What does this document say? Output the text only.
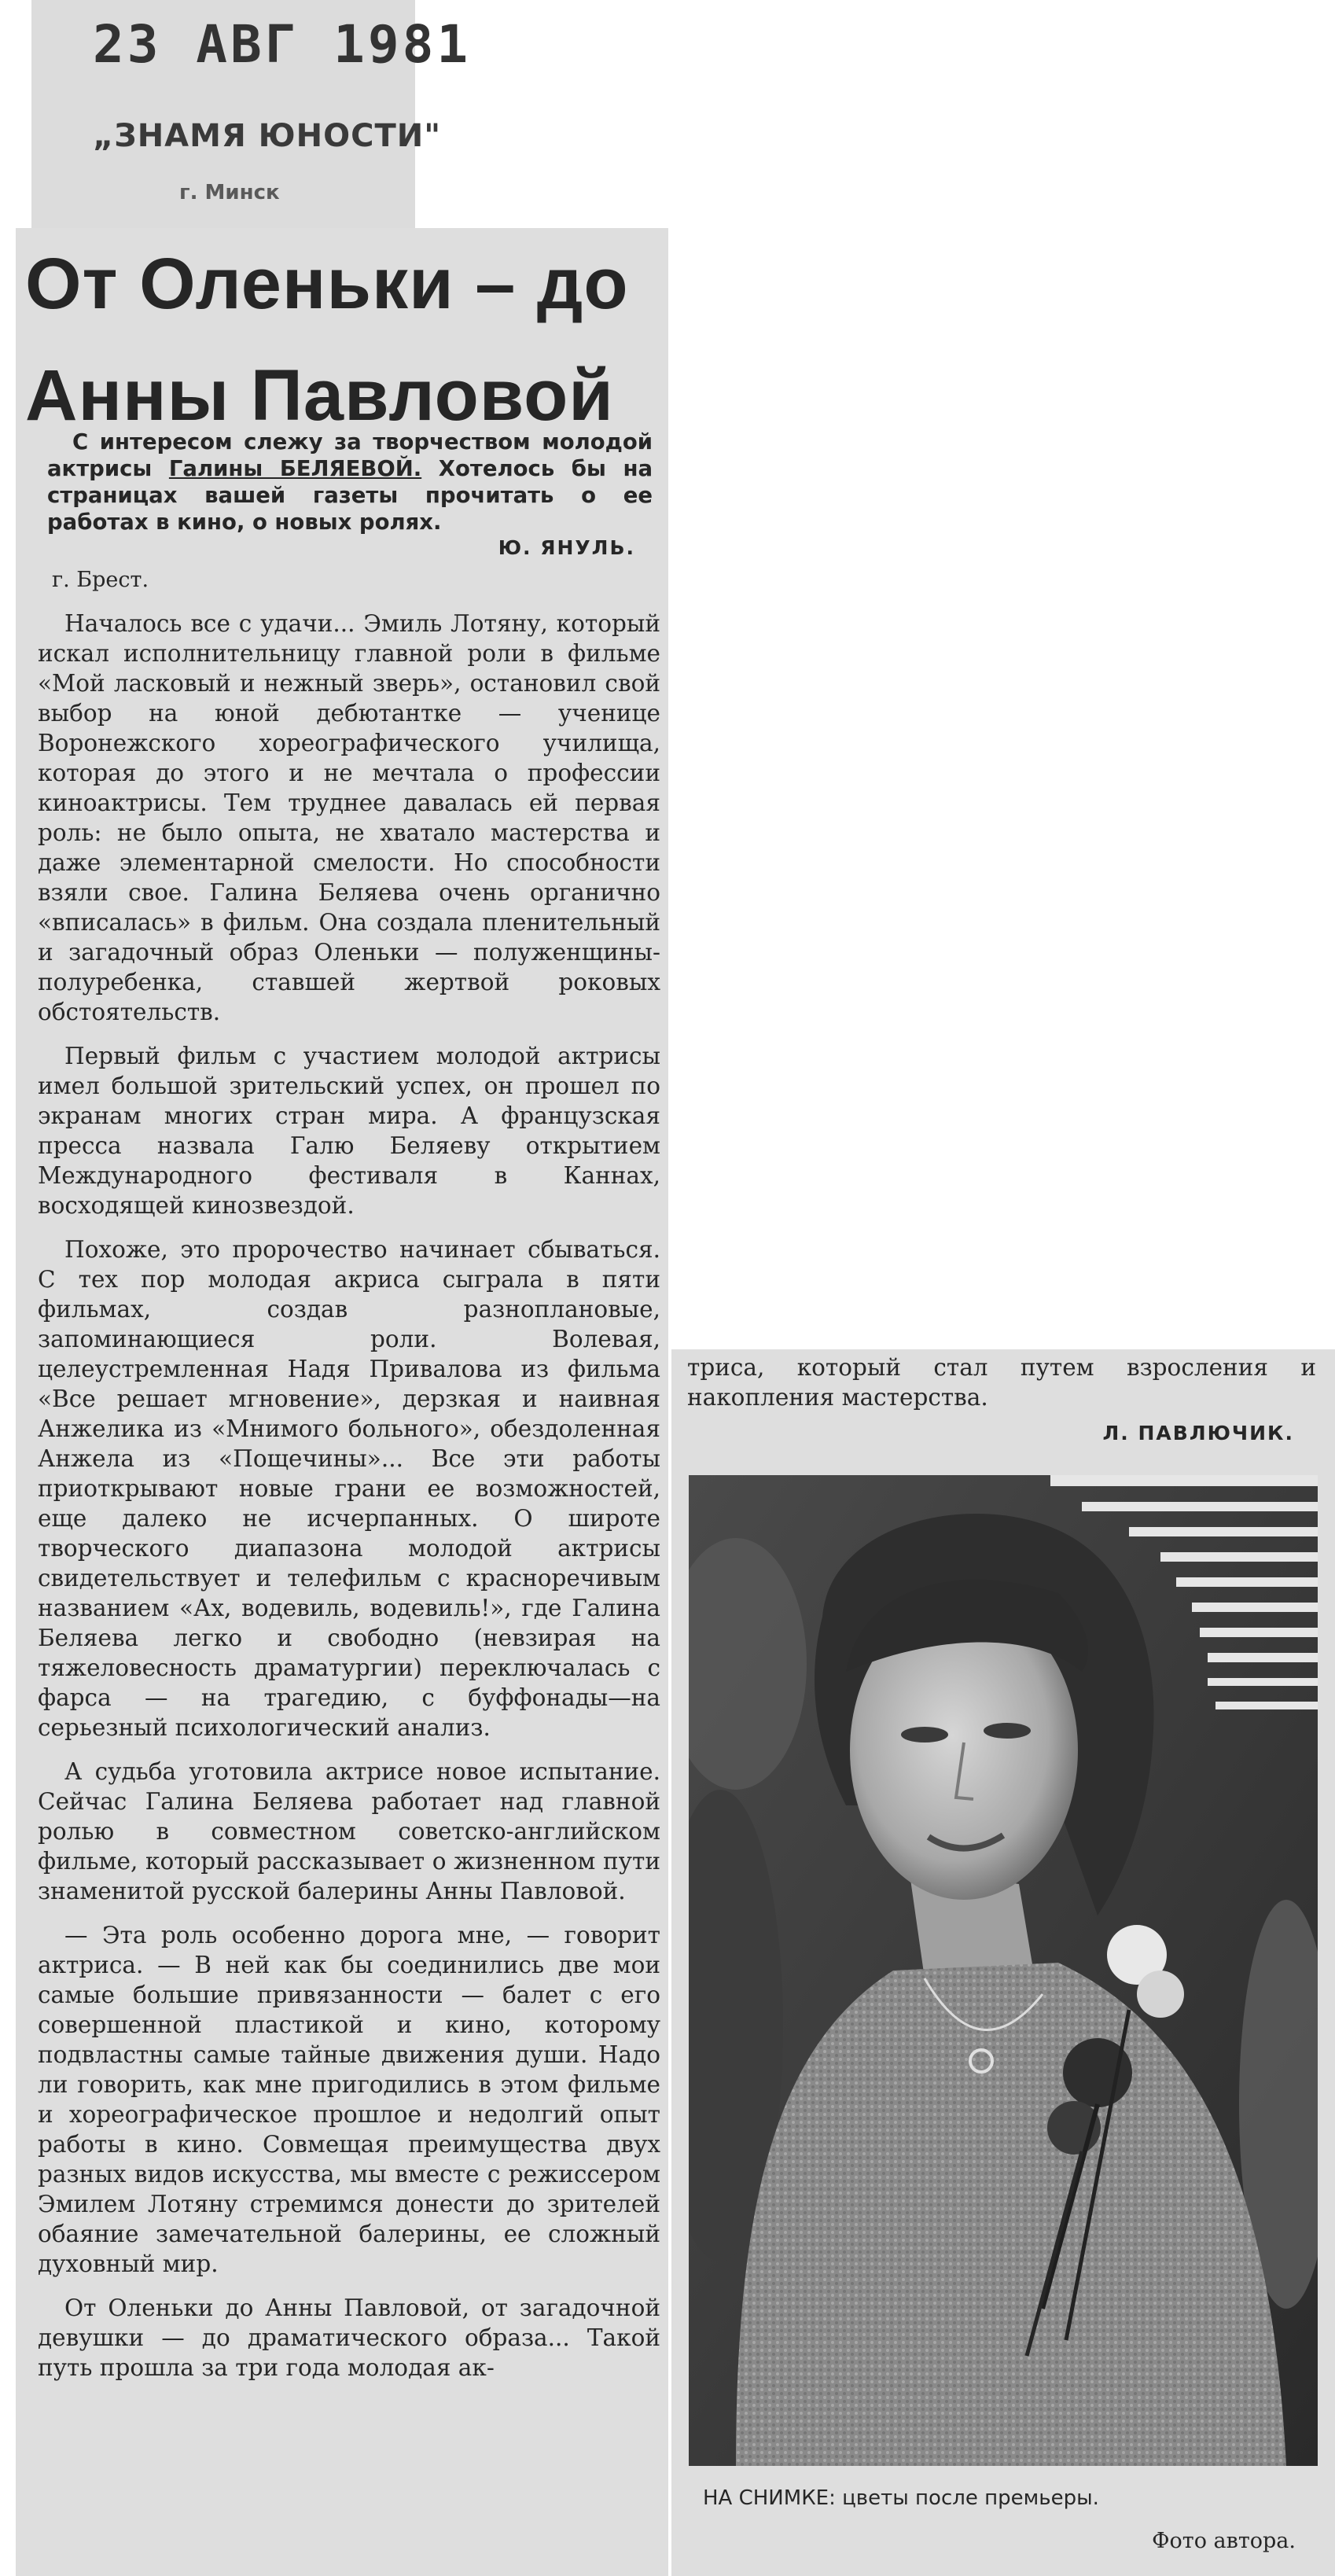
23 АВГ 1981
„ЗНАМЯ ЮНОСТИ"
г. Минск
От Оленьки – до Анны Павловой

С интересом слежу за творчеством молодой актрисы Галины БЕЛЯЕВОЙ. Хотелось бы на страницах вашей газеты прочитать о ее работах в кино, о новых ролях.

Ю. ЯНУЛЬ.
г. Брест.

Началось все с удачи... Эмиль Лотяну, который искал исполнительницу главной роли в фильме «Мой ласковый и нежный зверь», остановил свой выбор на юной дебютантке — ученице Воронежского хореографического училища, которая до этого и не мечтала о профессии киноактрисы. Тем труднее давалась ей первая роль: не было опыта, не хватало мастерства и даже элементарной смелости. Но способности взяли свое. Галина Беляева очень органично «вписалась» в фильм. Она создала пленительный и загадочный образ Оленьки — полуженщины-полуребенка, ставшей жертвой роковых обстоятельств.

Первый фильм с участием молодой актрисы имел большой зрительский успех, он прошел по экранам многих стран мира. А французская пресса назвала Галю Беляеву открытием Международного фестиваля в Каннах, восходящей кинозвездой.

Похоже, это пророчество начинает сбываться. С тех пор молодая акриса сыграла в пяти фильмах, создав разноплановые, запоминающиеся роли. Волевая, целеустремленная Надя Привалова из фильма «Все решает мгновение», дерзкая и наивная Анжелика из «Мнимого больного», обездоленная Анжела из «Пощечины»... Все эти работы приоткрывают новые грани ее возможностей, еще далеко не исчерпанных. О широте творческого диапазона молодой актрисы свидетельствует и телефильм с красноречивым названием «Ах, водевиль, водевиль!», где Галина Беляева легко и свободно (невзирая на тяжеловесность драматургии) переключалась с фарса — на трагедию, с буффонады—на серьезный психологический анализ.

А судьба уготовила актрисе новое испытание. Сейчас Галина Беляева работает над главной ролью в совместном советско-английском фильме, который рассказывает о жизненном пути знаменитой русской балерины Анны Павловой.

— Эта роль особенно дорога мне, — говорит актриса. — В ней как бы соединились две мои самые большие привязанности — балет с его совершенной пластикой и кино, которому подвластны самые тайные движения души. Надо ли говорить, как мне пригодились в этом фильме и хореографическое прошлое и недолгий опыт работы в кино. Совмещая преимущества двух разных видов искусства, мы вместе с режиссером Эмилем Лотяну стремимся донести до зрителей обаяние замечательной балерины, ее сложный духовный мир.

От Оленьки до Анны Павловой, от загадочной девушки — до драматического образа... Такой путь прошла за три года молодая ак-

триса, который стал путем взросления и накопления мастерства.

Л. ПАВЛЮЧИК.
НА СНИМКЕ: цветы после премьеры.
Фото автора.
